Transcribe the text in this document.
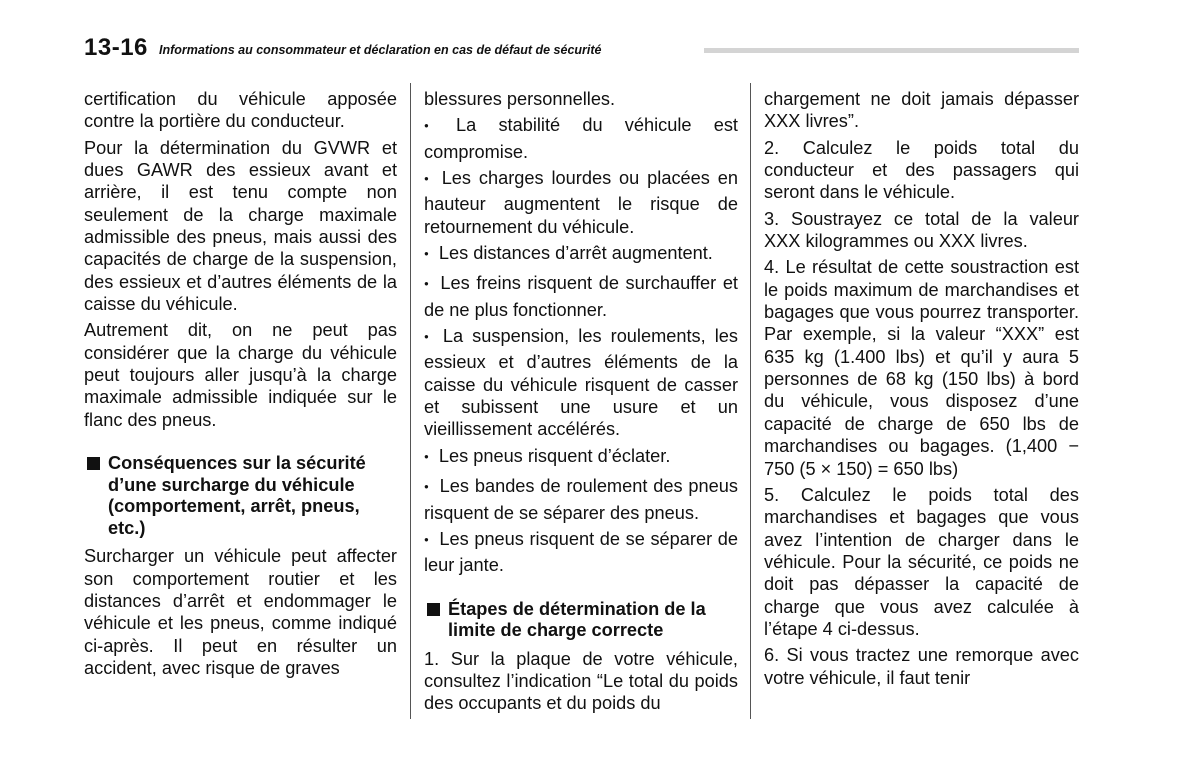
13-16 Informations au consommateur et déclaration en cas de défaut de sécurité

certification du véhicule apposée contre la portière du conducteur.

Pour la détermination du GVWR et dues GAWR des essieux avant et arrière, il est tenu compte non seulement de la charge maximale admissible des pneus, mais aussi des capacités de charge de la suspension, des essieux et d’autres éléments de la caisse du véhicule.

Autrement dit, on ne peut pas considérer que la charge du véhicule peut toujours aller jusqu’à la charge maximale admissible indiquée sur le flanc des pneus.

Conséquences sur la sécurité d’une surcharge du véhicule (comportement, arrêt, pneus, etc.)

Surcharger un véhicule peut affecter son comportement routier et les distances d’arrêt et endommager le véhicule et les pneus, comme indiqué ci-après. Il peut en résulter un accident, avec risque de graves

blessures personnelles.

● La stabilité du véhicule est compromise.

● Les charges lourdes ou placées en hauteur augmentent le risque de retournement du véhicule.

● Les distances d’arrêt augmentent.

● Les freins risquent de surchauffer et de ne plus fonctionner.

● La suspension, les roulements, les essieux et d’autres éléments de la caisse du véhicule risquent de casser et subissent une usure et un vieillissement accélérés.

● Les pneus risquent d’éclater.

● Les bandes de roulement des pneus risquent de se séparer des pneus.

● Les pneus risquent de se séparer de leur jante.

Étapes de détermination de la limite de charge correcte

1. Sur la plaque de votre véhicule, consultez l’indication “Le total du poids des occupants et du poids du

chargement ne doit jamais dépasser XXX livres”.

2. Calculez le poids total du conducteur et des passagers qui seront dans le véhicule.

3. Soustrayez ce total de la valeur XXX kilogrammes ou XXX livres.

4. Le résultat de cette soustraction est le poids maximum de marchandises et bagages que vous pourrez transporter. Par exemple, si la valeur “XXX” est 635 kg (1.400 lbs) et qu’il y aura 5 personnes de 68 kg (150 lbs) à bord du véhicule, vous disposez d’une capacité de charge de 650 lbs de marchandises ou bagages. (1,400 − 750 (5 × 150) = 650 lbs)

5. Calculez le poids total des marchandises et bagages que vous avez l’intention de charger dans le véhicule. Pour la sécurité, ce poids ne doit pas dépasser la capacité de charge que vous avez calculée à l’étape 4 ci-dessus.

6. Si vous tractez une remorque avec votre véhicule, il faut tenir
